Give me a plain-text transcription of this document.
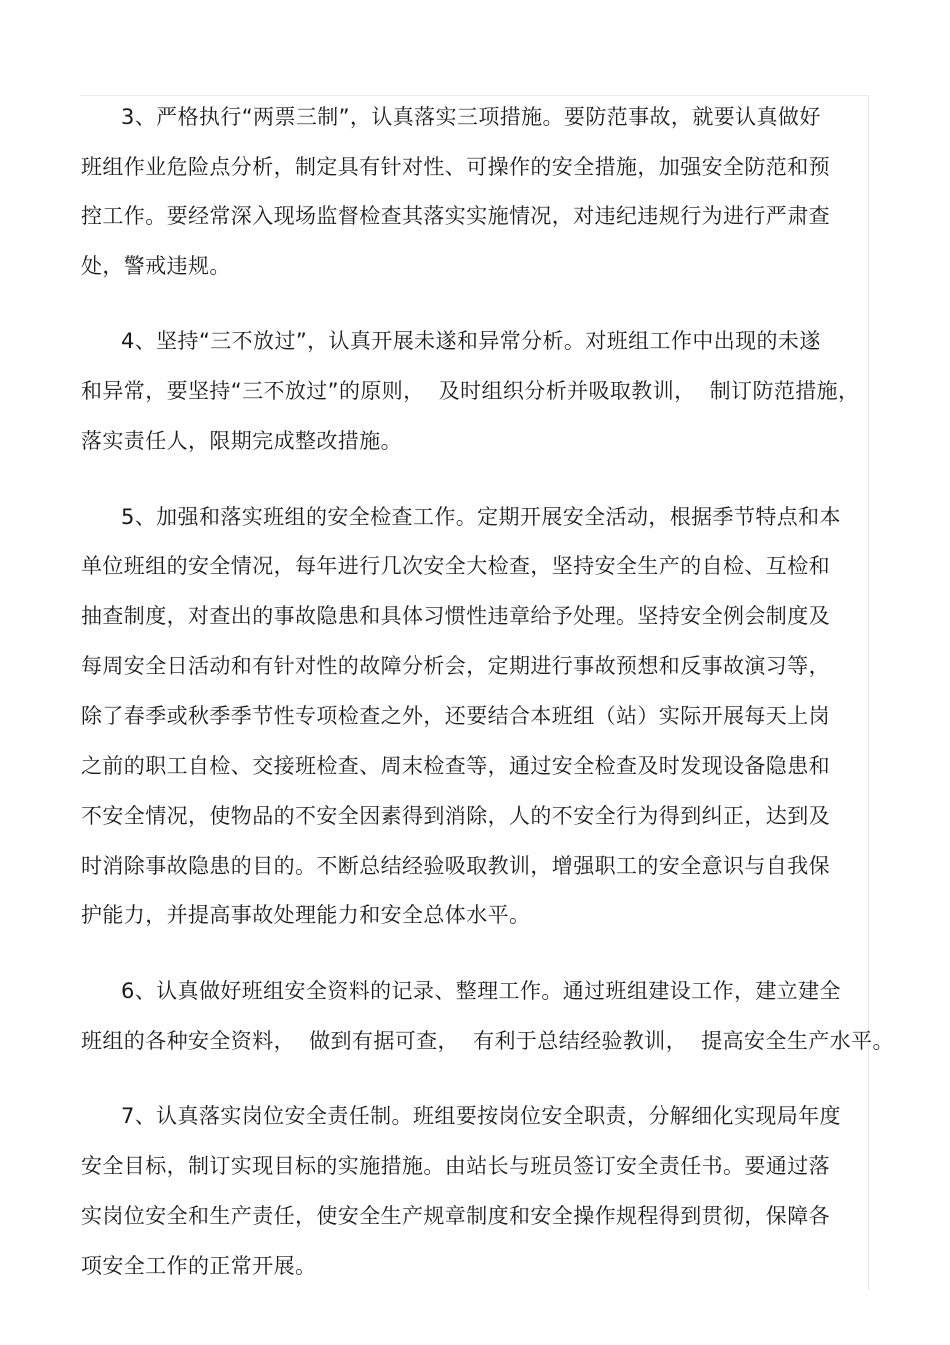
3、严格执行“两票三制”，认真落实三项措施。要防范事故，就要认真做好
班组作业危险点分析，制定具有针对性、可操作的安全措施，加强安全防范和预
控工作。要经常深入现场监督检查其落实实施情况，对违纪违规行为进行严肃查
处，警戒违规。
4、坚持“三不放过”，认真开展未遂和异常分析。对班组工作中出现的未遂
和异常，要坚持“三不放过”的原则，  及时组织分析并吸取教训，  制订防范措施，
落实责任人，限期完成整改措施。
5、加强和落实班组的安全检查工作。定期开展安全活动，根据季节特点和本
单位班组的安全情况，每年进行几次安全大检查，坚持安全生产的自检、互检和
抽查制度，对查出的事故隐患和具体习惯性违章给予处理。坚持安全例会制度及
每周安全日活动和有针对性的故障分析会，定期进行事故预想和反事故演习等，
除了春季或秋季季节性专项检查之外，还要结合本班组（站）实际开展每天上岗
之前的职工自检、交接班检查、周末检查等，通过安全检查及时发现设备隐患和
不安全情况，使物品的不安全因素得到消除，人的不安全行为得到纠正，达到及
时消除事故隐患的目的。不断总结经验吸取教训，增强职工的安全意识与自我保
护能力，并提高事故处理能力和安全总体水平。
6、认真做好班组安全资料的记录、整理工作。通过班组建设工作，建立建全
班组的各种安全资料，  做到有据可查，  有利于总结经验教训，  提高安全生产水平。
7、认真落实岗位安全责任制。班组要按岗位安全职责，分解细化实现局年度
安全目标，制订实现目标的实施措施。由站长与班员签订安全责任书。要通过落
实岗位安全和生产责任，使安全生产规章制度和安全操作规程得到贯彻，保障各
项安全工作的正常开展。
